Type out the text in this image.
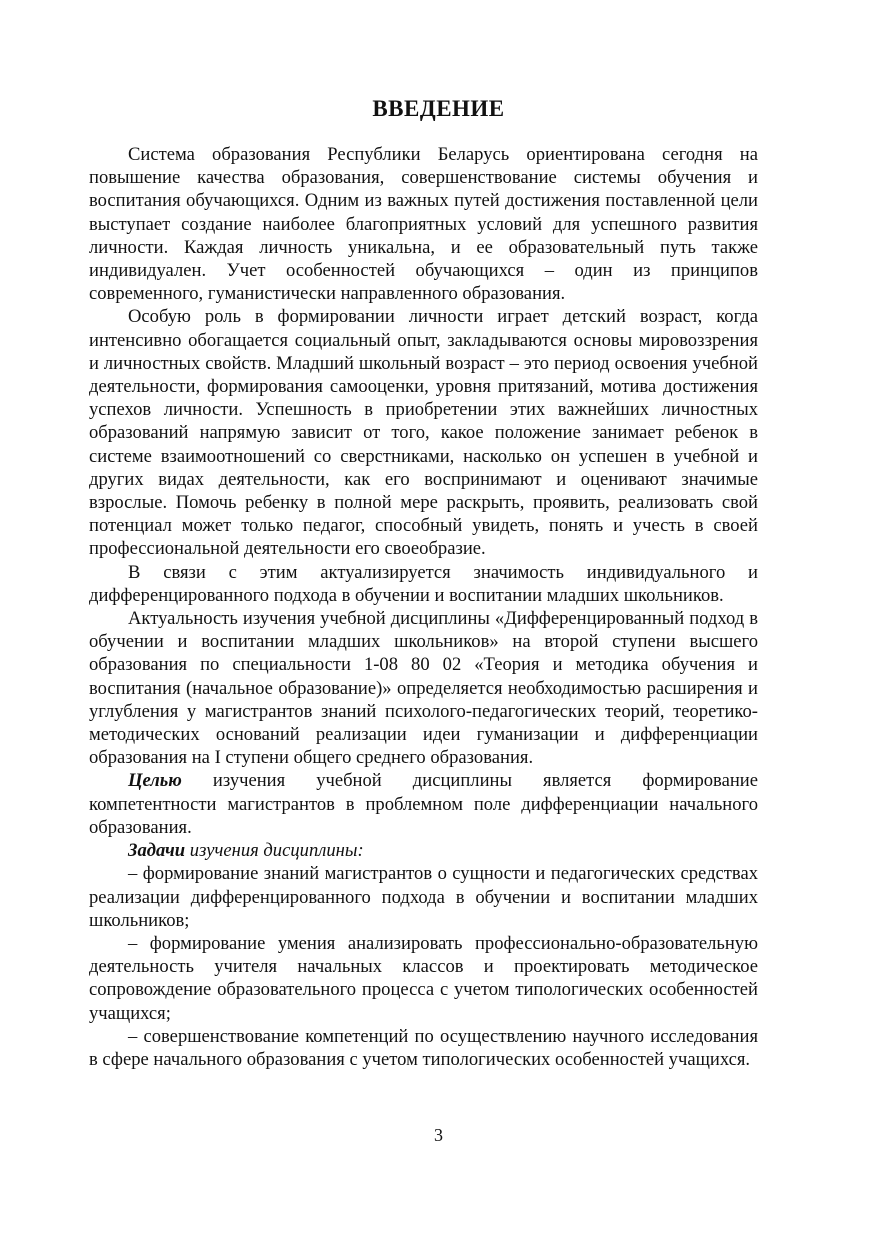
ВВЕДЕНИЕ

Система образования Республики Беларусь ориентирована сегодня на повышение качества образования, совершенствование системы обучения и воспитания обучающихся. Одним из важных путей достижения поставленной цели выступает создание наиболее благоприятных условий для успешного развития личности. Каждая личность уникальна, и ее образовательный путь также индивидуален. Учет особенностей обучающихся – один из принципов современного, гуманистически направленного образования.

Особую роль в формировании личности играет детский возраст, когда интенсивно обогащается социальный опыт, закладываются основы мировоззрения и личностных свойств. Младший школьный возраст – это период освоения учебной деятельности, формирования самооценки, уровня притязаний, мотива достижения успехов личности. Успешность в приобретении этих важнейших личностных образований напрямую зависит от того, какое положение занимает ребенок в системе взаимоотношений со сверстниками, насколько он успешен в учебной и других видах деятельности, как его воспринимают и оценивают значимые взрослые. Помочь ребенку в полной мере раскрыть, проявить, реализовать свой потенциал может только педагог, способный увидеть, понять и учесть в своей профессиональной деятельности его своеобразие.

В связи с этим актуализируется значимость индивидуального и дифференцированного подхода в обучении и воспитании младших школьников.

Актуальность изучения учебной дисциплины «Дифференцированный подход в обучении и воспитании младших школьников» на второй ступени высшего образования по специальности 1-08 80 02 «Теория и методика обучения и воспитания (начальное образование)» определяется необходимостью расширения и углубления у магистрантов знаний психолого-педагогических теорий, теоретико-методических оснований реализации идеи гуманизации и дифференциации образования на I ступени общего среднего образования.

Целью изучения учебной дисциплины является формирование компетентности магистрантов в проблемном поле дифференциации начального образования.

Задачи изучения дисциплины:

– формирование знаний магистрантов о сущности и педагогических средствах реализации дифференцированного подхода в обучении и воспитании младших школьников;

– формирование умения анализировать профессионально-образовательную деятельность учителя начальных классов и проектировать методическое сопровождение образовательного процесса с учетом типологических особенностей учащихся;

– совершенствование компетенций по осуществлению научного исследования в сфере начального образования с учетом типологических особенностей учащихся.

3
